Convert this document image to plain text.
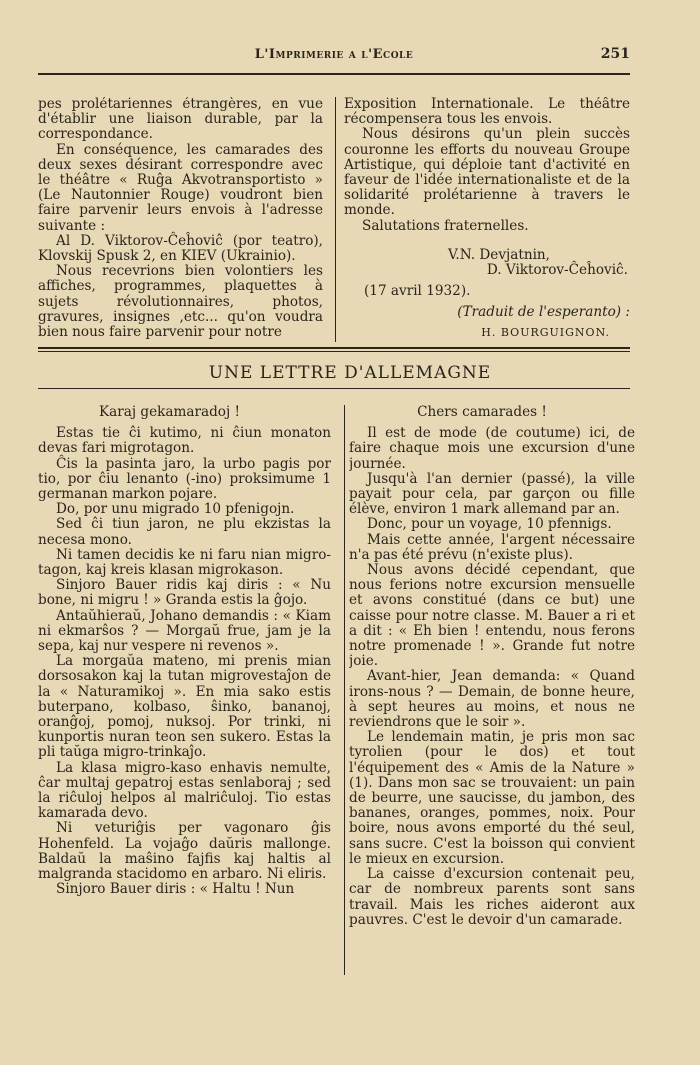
L'Imprimerie a l'Ecole	251

pes prolétariennes étrangères, en vue d'établir une liaison durable, par la correspondance.

En conséquence, les camarades des deux sexes désirant correspondre avec le théâtre « Ruĝa Akvotransportisto » (Le Nautonnier Rouge) voudront bien faire parvenir leurs envois à l'adresse suivante :

Al D. Viktorov-Ĉeĥoviĉ (por teatro), Klovskij Spusk 2, en KIEV (Ukrainio).

Nous recevrions bien volontiers les affiches, programmes, plaquettes à sujets révolutionnaires, photos, gravures, insignes ,etc... qu'on voudra bien nous faire parvenir pour notre

Exposition Internationale. Le théâtre récompensera tous les envois.

Nous désirons qu'un plein succès couronne les efforts du nouveau Groupe Artistique, qui déploie tant d'activité en faveur de l'idée internationaliste et de la solidarité prolétarienne à travers le monde.

Salutations fraternelles.

V.N. Devjatnin,

D. Viktorov-Ĉeĥoviĉ.

(17 avril 1932).

(Traduit de l'esperanto) :

H. BOURGUIGNON.

UNE LETTRE D'ALLEMAGNE

Karaj gekamaradoj !

Estas tie ĉi kutimo, ni ĉiun monaton devas fari migrotagon.

Ĉis la pasinta jaro, la urbo pagis por tio, por ĉiu lenanto (-ino) proksimume 1 germanan markon pojare.

Do, por unu migrado 10 pfenigojn.

Sed ĉi tiun jaron, ne plu ekzistas la necesa mono.

Ni tamen decidis ke ni faru nian migro-tagon, kaj kreis klasan migrokason.

Sinjoro Bauer ridis kaj diris : « Nu bone, ni migru ! » Granda estis la ĝojo.

Antaŭhieraŭ, Johano demandis : « Kiam ni ekmarŝos ? — Morgaŭ frue, jam je la sepa, kaj nur vespere ni revenos ».

La morgaŭa mateno, mi prenis mian dorsosakon kaj la tutan migrovestaĵon de la « Naturamikoj ». En mia sako estis buterpano, kolbaso, ŝinko, bananoj, oranĝoj, pomoj, nuksoj. Por trinki, ni kunportis nuran teon sen sukero. Estas la pli taŭga migro-trinkaĵo.

La klasa migro-kaso enhavis nemulte, ĉar multaj gepatroj estas senlaboraj ; sed la riĉuloj helpos al malriĉuloj. Tio estas kamarada devo.

Ni veturiĝis per vagonaro ĝis Hohenfeld. La vojaĝo daŭris mallonge. Baldaŭ la maŝino fajfis kaj haltis al malgranda stacidomo en arbaro. Ni eliris.

Sinjoro Bauer diris : « Haltu ! Nun

Chers camarades !

Il est de mode (de coutume) ici, de faire chaque mois une excursion d'une journée.

Jusqu'à l'an dernier (passé), la ville payait pour cela, par garçon ou fille élève, environ 1 mark allemand par an.

Donc, pour un voyage, 10 pfennigs.

Mais cette année, l'argent nécessaire n'a pas été prévu (n'existe plus).

Nous avons décidé cependant, que nous ferions notre excursion mensuelle et avons constitué (dans ce but) une caisse pour notre classe. M. Bauer a ri et a dit : « Eh bien ! entendu, nous ferons notre promenade ! ». Grande fut notre joie.

Avant-hier, Jean demanda: « Quand irons-nous ? — Demain, de bonne heure, à sept heures au moins, et nous ne reviendrons que le soir ».

Le lendemain matin, je pris mon sac tyrolien (pour le dos) et tout l'équipement des « Amis de la Nature » (1). Dans mon sac se trouvaient: un pain de beurre, une saucisse, du jambon, des bananes, oranges, pommes, noix. Pour boire, nous avons emporté du thé seul, sans sucre. C'est la boisson qui convient le mieux en excursion.

La caisse d'excursion contenait peu, car de nombreux parents sont sans travail. Mais les riches aideront aux pauvres. C'est le devoir d'un camarade.
